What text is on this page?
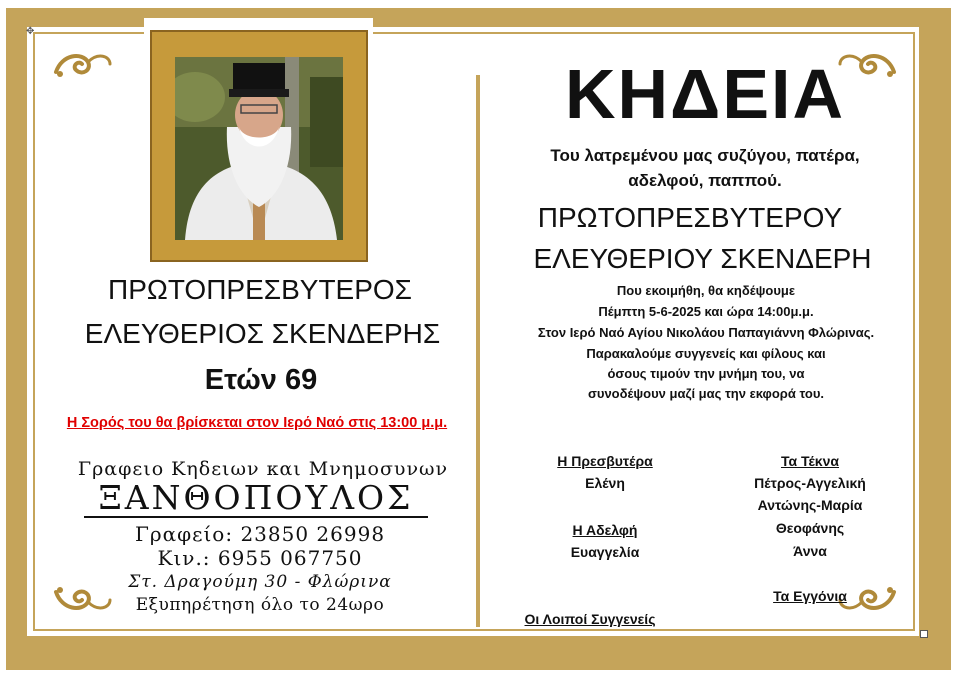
✥
ΠΡΩΤΟΠΡΕΣΒΥΤΕΡΟΣ
ΕΛΕΥΘΕΡΙΟΣ ΣΚΕΝΔΕΡΗΣ
Ετών 69
Η Σορός του θα βρίσκεται στον Ιερό Ναό στις 13:00 μ.μ.
Γραφειο Κηδειων και Μνημοσυνων
ΞΑΝΘΟΠΟΥΛΟΣ
Γραφείο: 23850 26998
Κιν.: 6955 067750
Στ. Δραγούμη 30 - Φλώρινα
Εξυπηρέτηση όλο το 24ωρο
ΚΗΔΕΙΑ
Του λατρεμένου μας συζύγου, πατέρα,
αδελφού, παππού.
ΠΡΩΤΟΠΡΕΣΒΥΤΕΡΟΥ
ΕΛΕΥΘΕΡΙΟΥ ΣΚΕΝΔΕΡΗ
Που εκοιμήθη, θα κηδέψουμε
Πέμπτη 5-6-2025 και ώρα 14:00μ.μ.
Στον Ιερό Ναό Αγίου Νικολάου Παπαγιάννη Φλώρινας.
Παρακαλούμε συγγενείς και φίλους και
όσους τιμούν την μνήμη του, να
συνοδέψουν μαζί μας την εκφορά του.
Η Πρεσβυτέρα
Ελένη
Η Αδελφή
Ευαγγελία
Τα Τέκνα
Πέτρος-Αγγελική
Αντώνης-Μαρία
Θεοφάνης
Άννα
Τα Εγγόνια
Οι Λοιποί Συγγενείς
